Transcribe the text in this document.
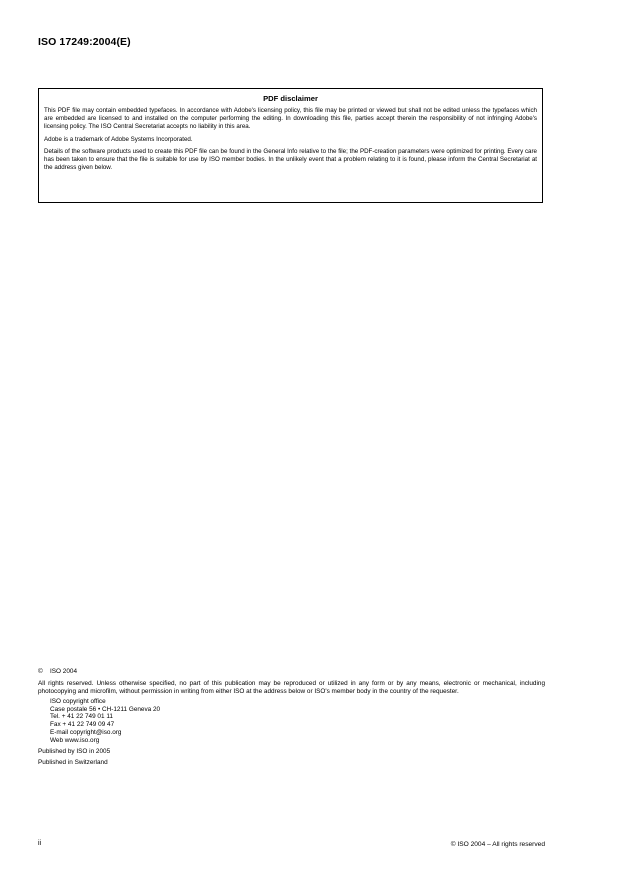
ISO 17249:2004(E)
PDF disclaimer

This PDF file may contain embedded typefaces. In accordance with Adobe's licensing policy, this file may be printed or viewed but shall not be edited unless the typefaces which are embedded are licensed to and installed on the computer performing the editing. In downloading this file, parties accept therein the responsibility of not infringing Adobe's licensing policy. The ISO Central Secretariat accepts no liability in this area.

Adobe is a trademark of Adobe Systems Incorporated.

Details of the software products used to create this PDF file can be found in the General Info relative to the file; the PDF-creation parameters were optimized for printing. Every care has been taken to ensure that the file is suitable for use by ISO member bodies. In the unlikely event that a problem relating to it is found, please inform the Central Secretariat at the address given below.

© ISO 2004
All rights reserved. Unless otherwise specified, no part of this publication may be reproduced or utilized in any form or by any means, electronic or mechanical, including photocopying and microfilm, without permission in writing from either ISO at the address below or ISO's member body in the country of the requester.
ISO copyright office
Case postale 56 • CH-1211 Geneva 20
Tel. + 41 22 749 01 11
Fax + 41 22 749 09 47
E-mail copyright@iso.org
Web www.iso.org
Published by ISO in 2005
Published in Switzerland
ii	© ISO 2004 – All rights reserved
